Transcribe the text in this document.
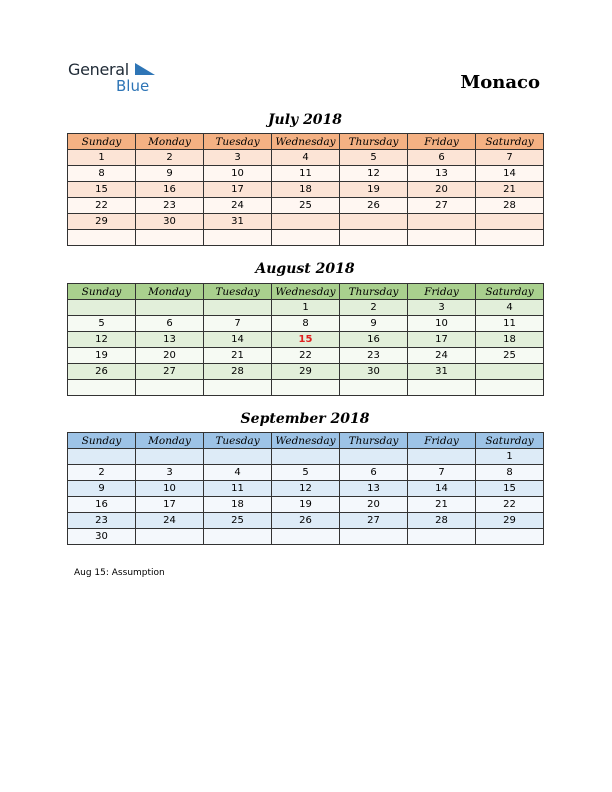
General
Blue	Monaco
July 2018
Sunday	Monday	Tuesday	Wednesday	Thursday	Friday	Saturday
1	2	3	4	5	6	7
8	9	10	11	12	13	14
15	16	17	18	19	20	21
22	23	24	25	26	27	28
29	30	31				

August 2018
Sunday	Monday	Tuesday	Wednesday	Thursday	Friday	Saturday
			1	2	3	4
5	6	7	8	9	10	11
12	13	14	15	16	17	18
19	20	21	22	23	24	25
26	27	28	29	30	31	

September 2018
Sunday	Monday	Tuesday	Wednesday	Thursday	Friday	Saturday
						1
2	3	4	5	6	7	8
9	10	11	12	13	14	15
16	17	18	19	20	21	22
23	24	25	26	27	28	29
30						
Aug 15: Assumption
